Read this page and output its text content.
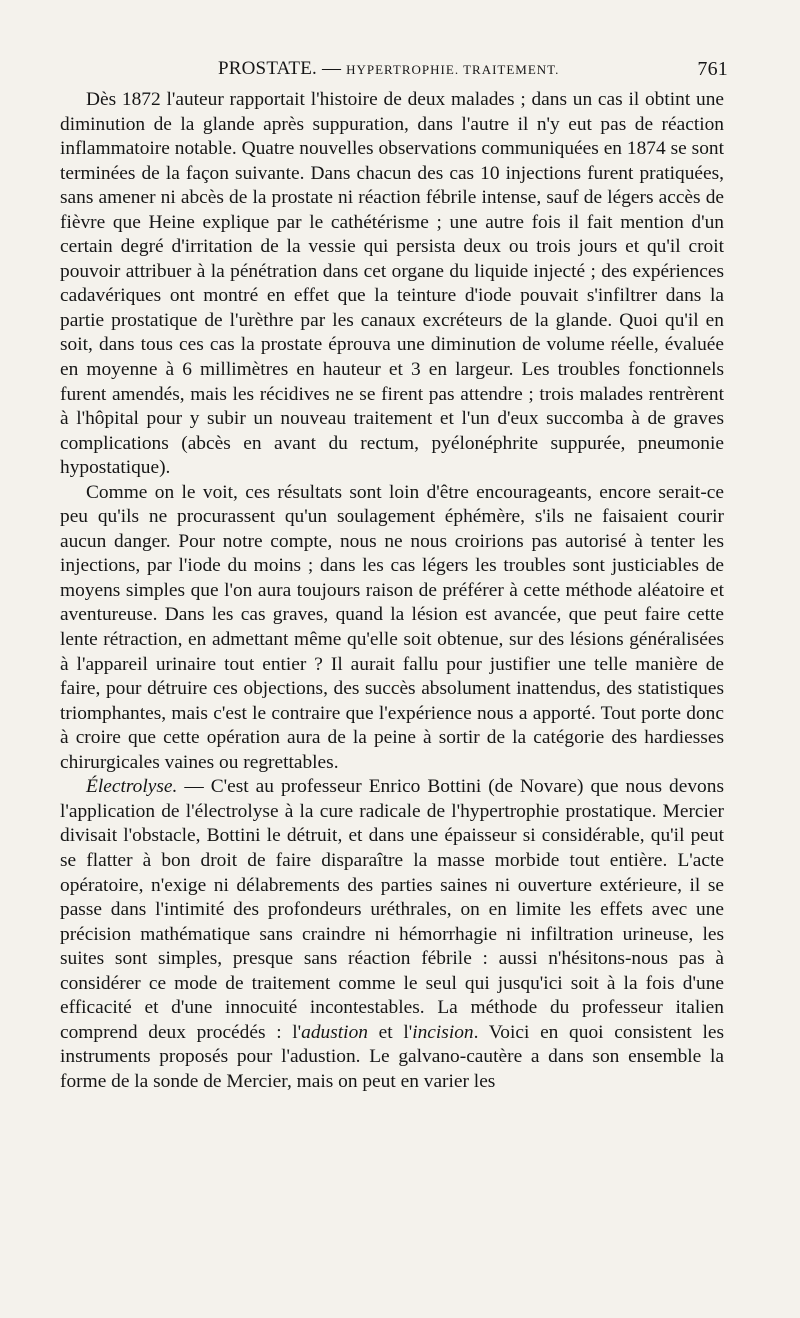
PROSTATE. — HYPERTROPHIE. TRAITEMENT.	761

Dès 1872 l'auteur rapportait l'histoire de deux malades ; dans un cas il obtint une diminution de la glande après suppuration, dans l'autre il n'y eut pas de réaction inflammatoire notable. Quatre nouvelles observations communiquées en 1874 se sont terminées de la façon suivante. Dans chacun des cas 10 injections furent pratiquées, sans amener ni abcès de la prostate ni réaction fébrile intense, sauf de légers accès de fièvre que Heine explique par le cathétérisme ; une autre fois il fait mention d'un certain degré d'irritation de la vessie qui persista deux ou trois jours et qu'il croit pouvoir attribuer à la pénétration dans cet organe du liquide injecté ; des expériences cadavériques ont montré en effet que la teinture d'iode pouvait s'infiltrer dans la partie prostatique de l'urèthre par les canaux excréteurs de la glande. Quoi qu'il en soit, dans tous ces cas la prostate éprouva une diminution de volume réelle, évaluée en moyenne à 6 millimètres en hauteur et 3 en largeur. Les troubles fonctionnels furent amendés, mais les récidives ne se firent pas attendre ; trois malades rentrèrent à l'hôpital pour y subir un nouveau traitement et l'un d'eux succomba à de graves complications (abcès en avant du rectum, pyélonéphrite suppurée, pneumonie hypostatique).

Comme on le voit, ces résultats sont loin d'être encourageants, encore serait-ce peu qu'ils ne procurassent qu'un soulagement éphémère, s'ils ne faisaient courir aucun danger. Pour notre compte, nous ne nous croirions pas autorisé à tenter les injections, par l'iode du moins ; dans les cas légers les troubles sont justiciables de moyens simples que l'on aura toujours raison de préférer à cette méthode aléatoire et aventureuse. Dans les cas graves, quand la lésion est avancée, que peut faire cette lente rétraction, en admettant même qu'elle soit obtenue, sur des lésions généralisées à l'appareil urinaire tout entier ? Il aurait fallu pour justifier une telle manière de faire, pour détruire ces objections, des succès absolument inattendus, des statistiques triomphantes, mais c'est le contraire que l'expérience nous a apporté. Tout porte donc à croire que cette opération aura de la peine à sortir de la catégorie des hardiesses chirurgicales vaines ou regrettables.

Électrolyse. — C'est au professeur Enrico Bottini (de Novare) que nous devons l'application de l'électrolyse à la cure radicale de l'hypertrophie prostatique. Mercier divisait l'obstacle, Bottini le détruit, et dans une épaisseur si considérable, qu'il peut se flatter à bon droit de faire disparaître la masse morbide tout entière. L'acte opératoire, n'exige ni délabrements des parties saines ni ouverture extérieure, il se passe dans l'intimité des profondeurs uréthrales, on en limite les effets avec une précision mathématique sans craindre ni hémorrhagie ni infiltration urineuse, les suites sont simples, presque sans réaction fébrile : aussi n'hésitons-nous pas à considérer ce mode de traitement comme le seul qui jusqu'ici soit à la fois d'une efficacité et d'une innocuité incontestables. La méthode du professeur italien comprend deux procédés : l'adustion et l'incision. Voici en quoi consistent les instruments proposés pour l'adustion. Le galvano-cautère a dans son ensemble la forme de la sonde de Mercier, mais on peut en varier les
